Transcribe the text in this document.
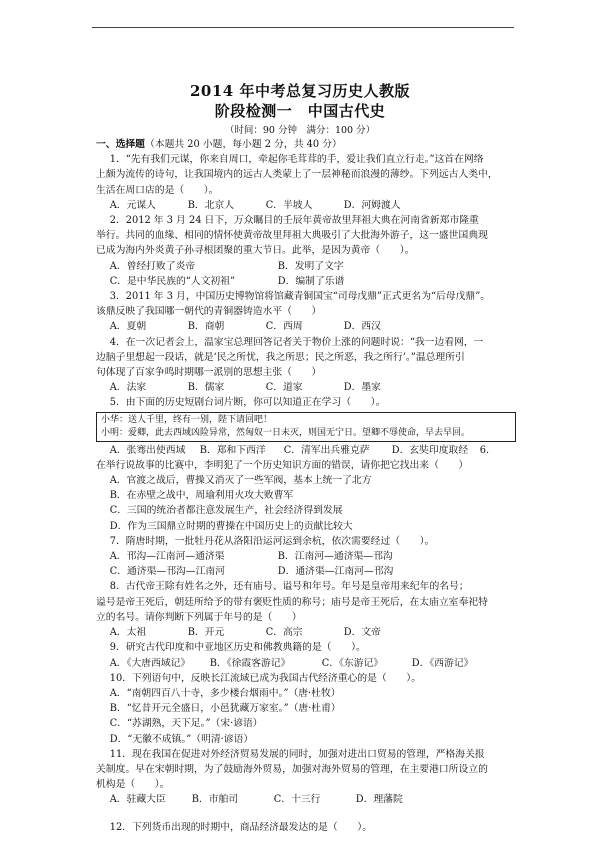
2014 年中考总复习历史人教版
阶段检测一　中国古代史
（时间：90 分钟　满分：100 分）

一、选择题（本题共 20 小题，每小题 2 分，共 40 分）

1．“先有我们元谋，你来自周口，牵起你毛茸茸的手，爱让我们直立行走。”这首在网络

上颇为流传的诗句，让我国境内的远古人类蒙上了一层神秘而浪漫的薄纱。下列远古人类中，

生活在周口店的是（　　）。

A．元谋人	B．北京人	C．半坡人	D．河姆渡人

2．2012 年 3 月 24 日下，万众瞩目的壬辰年黄帝故里拜祖大典在河南省新郑市隆重

举行。共同的血缘、相同的情怀使黄帝故里拜祖大典吸引了大批海外游子，这一盛世国典现

已成为海内外炎黄子孙寻根团聚的重大节日。此举，是因为黄帝（　　）。

A．曾经打败了炎帝	B．发明了文字
C．是中华民族的“人文初祖”	D．编制了乐谱

3．2011 年 3 月，中国历史博物馆将馆藏青铜国宝“司母戊鼎”正式更名为“后母戊鼎”。

该鼎反映了我国哪一朝代的青铜器铸造水平（　　）

A．夏朝	B．商朝	C．西周	D．西汉

4．在一次记者会上，温家宝总理回答记者关于物价上涨的问题时说：“我一边看网，一

边脑子里想起一段话，就是‘民之所忧，我之所思；民之所恶，我之所行’。”温总理所引

句体现了百家争鸣时期哪一派别的思想主张（　　）

A．法家	B．儒家	C．道家	D．墨家

5．由下面的历史短剧台词片断，你可以知道正在学习（　　）。

小华：送人千里，终有一别，陛下请回吧！
小明：爱卿，此去西域凶险异常，然匈奴一日未灭，则国无宁日。望卿不辱使命，早去早回。
A．张骞出使西域	B．郑和下西洋	C．清军出兵雅克萨	D．玄奘印度取经	6．

在举行说故事的比赛中，李明犯了一个历史知识方面的错误，请你把它找出来（　　）

A．官渡之战后，曹操又消灭了一些军阀，基本上统一了北方

B．在赤壁之战中，周瑜利用火攻大败曹军

C．三国的统治者都注意发展生产，社会经济得到发展

D．作为三国鼎立时期的曹操在中国历史上的贡献比较大

7．隋唐时期，一批牡丹花从洛阳沿运河运到余杭，依次需要经过（　　）。

A．邗沟—江南河—通济渠	B．江南河—通济渠—邗沟
C．通济渠—邗沟—江南河	D．通济渠—江南河—邗沟

8．古代帝王除有姓名之外，还有庙号、谥号和年号。年号是皇帝用来纪年的名号；

谥号是帝王死后，朝廷所给予的带有褒贬性质的称号；庙号是帝王死后，在太庙立室奉祀特

立的名号。请你判断下列属于年号的是（　　）

A．太祖	B．开元	C．高宗	D．文帝

9．研究古代印度和中亚地区历史和佛教典籍的是（　　）。

A．《大唐西域记》	B．《徐霞客游记》	C．《东游记》	D．《西游记》

10．下列语句中，反映长江流域已成为我国古代经济重心的是（　　）。

A．“南朝四百八十寺，多少楼台烟雨中。”（唐·杜牧）

B．“忆昔开元全盛日，小邑犹藏万家室。”（唐·杜甫）

C．“苏湖熟，天下足。”（宋·谚语）

D．“无徽不成镇。”（明清·谚语）

11．现在我国在促进对外经济贸易发展的同时，加强对进出口贸易的管理，严格海关报

关制度。早在宋朝时期，为了鼓励海外贸易，加强对海外贸易的管理，在主要港口所设立的

机构是（　　）。

A．驻藏大臣	B．市舶司	C．十三行	D．理藩院

12．下列货币出现的时期中，商品经济最发达的是（　　）。
